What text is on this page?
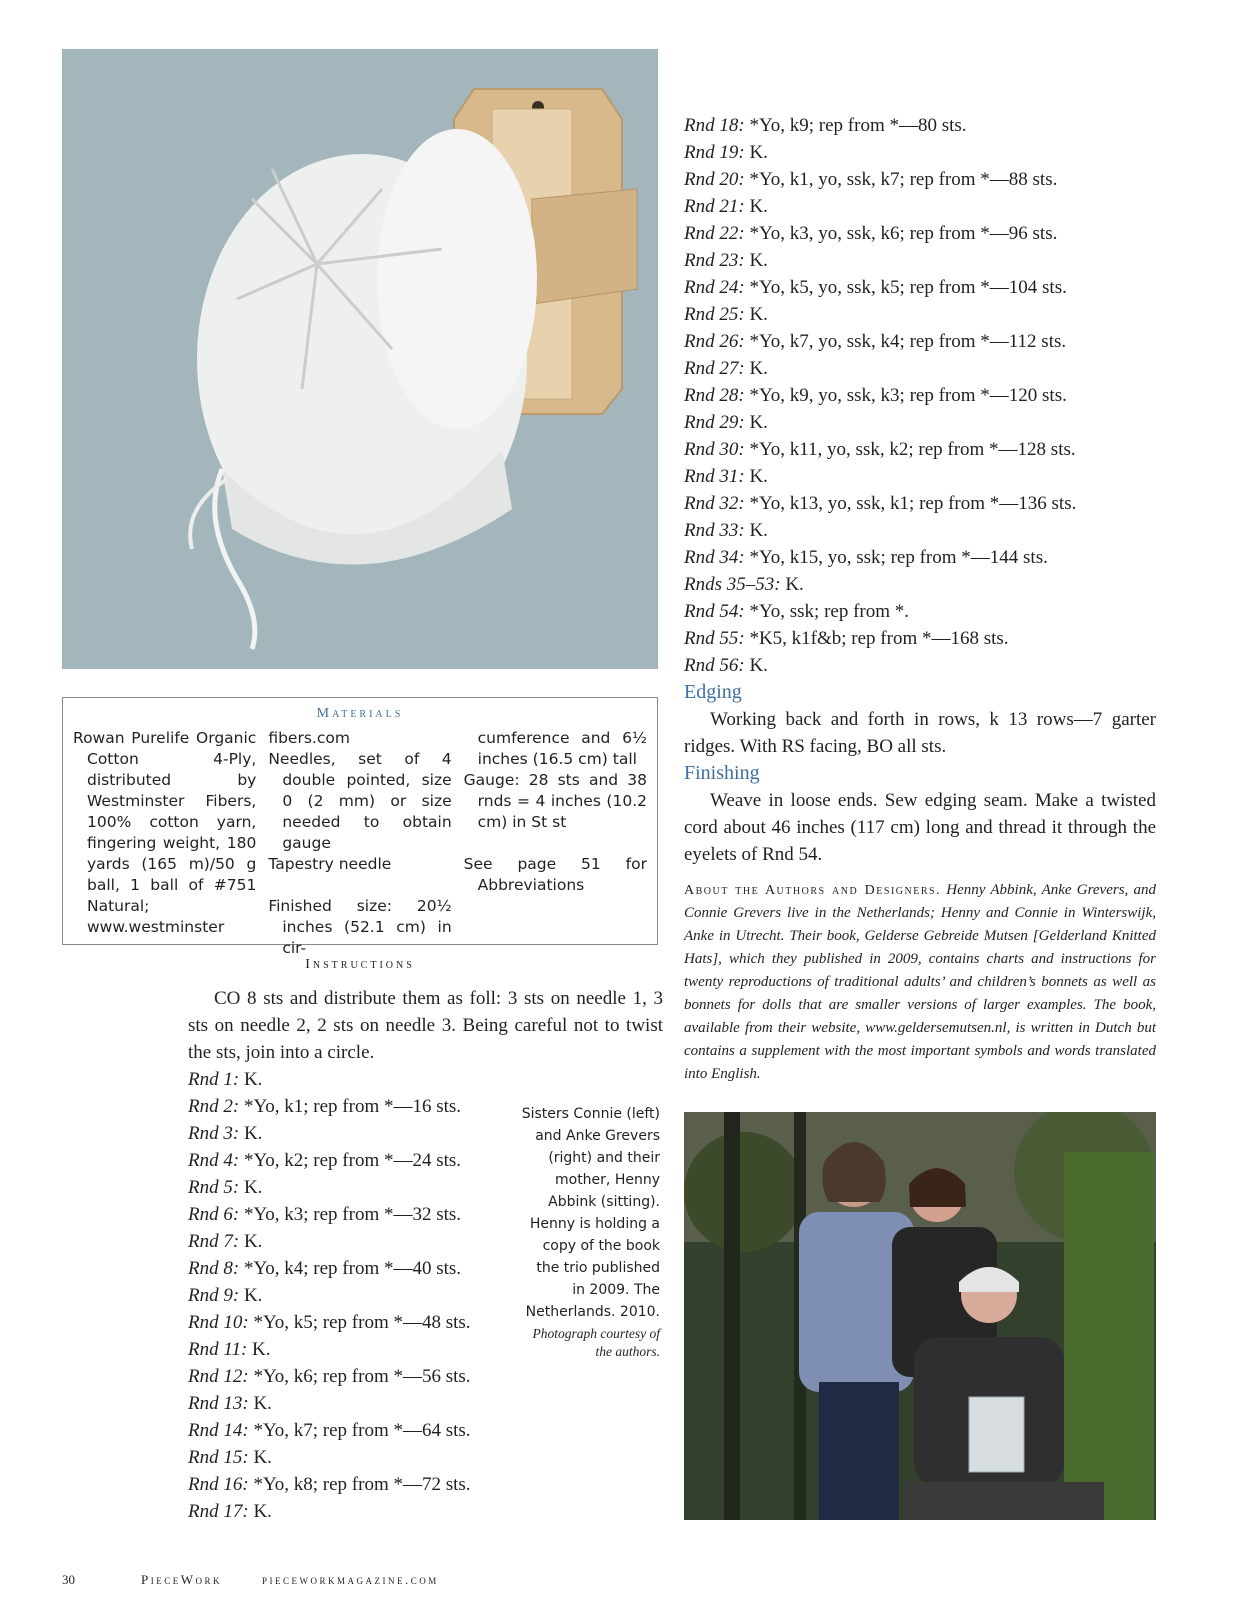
Materials

Rowan Purelife Organic Cotton 4-Ply, distributed by Westminster Fibers, 100% cotton yarn, fingering weight, 180 yards (165 m)/50 g ball, 1 ball of #751 Natural; www.westminster

fibers.com

Needles, set of 4 double pointed, size 0 (2 mm) or size needed to obtain gauge

Tapestry needle

Finished size: 20½ inches (52.1 cm) in cir-

cumference and 6½ inches (16.5 cm) tall

Gauge: 28 sts and 38 rnds = 4 inches (10.2 cm) in St st

See page 51 for Abbreviations

Instructions

CO 8 sts and distribute them as foll: 3 sts on needle 1, 3 sts on needle 2, 2 sts on needle 3. Being careful not to twist the sts, join into a circle.

Rnd 1: K.
Rnd 2: *Yo, k1; rep from *—16 sts.
Rnd 3: K.
Rnd 4: *Yo, k2; rep from *—24 sts.
Rnd 5: K.
Rnd 6: *Yo, k3; rep from *—32 sts.
Rnd 7: K.
Rnd 8: *Yo, k4; rep from *—40 sts.
Rnd 9: K.
Rnd 10: *Yo, k5; rep from *—48 sts.
Rnd 11: K.
Rnd 12: *Yo, k6; rep from *—56 sts.
Rnd 13: K.
Rnd 14: *Yo, k7; rep from *—64 sts.
Rnd 15: K.
Rnd 16: *Yo, k8; rep from *—72 sts.
Rnd 17: K.

Sisters Connie (left) and Anke Grevers (right) and their mother, Henny Abbink (sitting). Henny is holding a copy of the book the trio published in 2009. The Netherlands. 2010.

Photograph courtesy of the authors.

Rnd 18: *Yo, k9; rep from *—80 sts.
Rnd 19: K.
Rnd 20: *Yo, k1, yo, ssk, k7; rep from *—88 sts.
Rnd 21: K.
Rnd 22: *Yo, k3, yo, ssk, k6; rep from *—96 sts.
Rnd 23: K.
Rnd 24: *Yo, k5, yo, ssk, k5; rep from *—104 sts.
Rnd 25: K.
Rnd 26: *Yo, k7, yo, ssk, k4; rep from *—112 sts.
Rnd 27: K.
Rnd 28: *Yo, k9, yo, ssk, k3; rep from *—120 sts.
Rnd 29: K.
Rnd 30: *Yo, k11, yo, ssk, k2; rep from *—128 sts.
Rnd 31: K.
Rnd 32: *Yo, k13, yo, ssk, k1; rep from *—136 sts.
Rnd 33: K.
Rnd 34: *Yo, k15, yo, ssk; rep from *—144 sts.
Rnds 35–53: K.
Rnd 54: *Yo, ssk; rep from *.
Rnd 55: *K5, k1f&b; rep from *—168 sts.
Rnd 56: K.
Edging

Working back and forth in rows, k 13 rows—7 garter ridges. With RS facing, BO all sts.

Finishing

Weave in loose ends. Sew edging seam. Make a twisted cord about 46 inches (117 cm) long and thread it through the eyelets of Rnd 54.

About the Authors and Designers. Henny Abbink, Anke Grevers, and Connie Grevers live in the Netherlands; Henny and Connie in Winterswijk, Anke in Utrecht. Their book, Gelderse Gebreide Mutsen [Gelderland Knitted Hats], which they published in 2009, contains charts and instructions for twenty reproductions of traditional adults’ and children’s bonnets as well as bonnets for dolls that are smaller versions of larger examples. The book, available from their website, www.geldersemutsen.nl, is written in Dutch but contains a supplement with the most important symbols and words translated into English.
30	PieceWork	pieceworkmagazine.com
